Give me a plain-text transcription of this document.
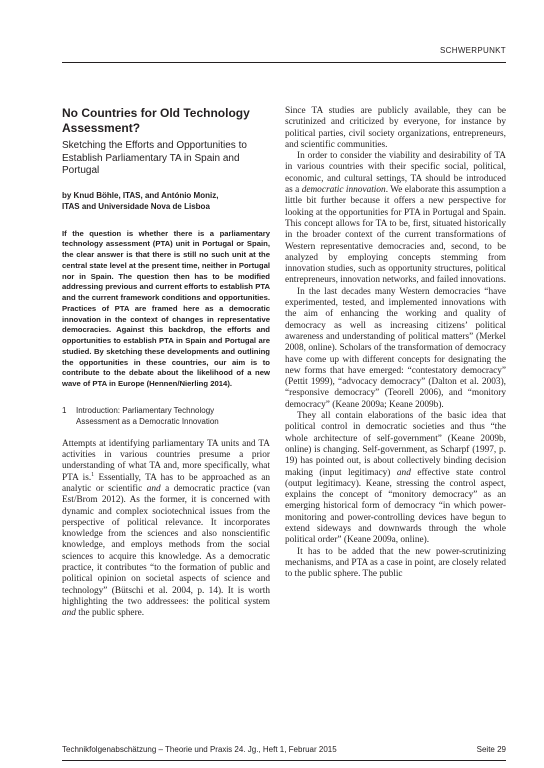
SCHWERPUNKT
No Countries for Old Technology Assessment?

Sketching the Efforts and Opportunities to Establish Parliamentary TA in Spain and Portugal

by Knud Böhle, ITAS, and António Moniz,
ITAS and Universidade Nova de Lisboa

If the question is whether there is a parliamentary technology assessment (PTA) unit in Portugal or Spain, the clear answer is that there is still no such unit at the central state level at the present time, neither in Portugal nor in Spain. The question then has to be modified addressing previous and current efforts to establish PTA and the current framework conditions and opportunities. Practices of PTA are framed here as a democratic innovation in the context of changes in representative democracies. Against this backdrop, the efforts and opportunities to establish PTA in Spain and Portugal are studied. By sketching these developments and outlining the opportunities in these countries, our aim is to contribute to the debate about the likelihood of a new wave of PTA in Europe (Hennen/Nierling 2014).

1	Introduction: Parliamentary Technology
Assessment as a Democratic Innovation

Attempts at identifying parliamentary TA units and TA activities in various countries presume a prior understanding of what TA and, more specifically, what PTA is.$^1$ Essentially, TA has to be approached as an analytic or scientific and a democratic practice (van Est/Brom 2012). As the former, it is concerned with dynamic and complex sociotechnical issues from the perspective of political relevance. It incorporates knowledge from the sciences and also nonscientific knowledge, and employs methods from the social sciences to acquire this knowledge. As a democratic practice, it contributes “to the formation of public and political opinion on societal aspects of science and technology” (Bütschi et al. 2004, p. 14). It is worth highlighting the two addressees: the political system and the public sphere.

Since TA studies are publicly available, they can be scrutinized and criticized by everyone, for instance by political parties, civil society organizations, entrepreneurs, and scientific communities.

In order to consider the viability and desirability of TA in various countries with their specific social, political, economic, and cultural settings, TA should be introduced as a democratic innovation. We elaborate this assumption a little bit further because it offers a new perspective for looking at the opportunities for PTA in Portugal and Spain. This concept allows for TA to be, first, situated historically in the broader context of the current transformations of Western representative democracies and, second, to be analyzed by employing concepts stemming from innovation studies, such as opportunity structures, political entrepreneurs, innovation networks, and failed innovations.

In the last decades many Western democracies “have experimented, tested, and implemented innovations with the aim of enhancing the working and quality of democracy as well as increasing citizens’ political awareness and understanding of political matters” (Merkel 2008, online). Scholars of the transformation of democracy have come up with different concepts for designating the new forms that have emerged: “contestatory democracy” (Pettit 1999), “advocacy democracy” (Dalton et al. 2003), “responsive democracy” (Teorell 2006), and “monitory democracy” (Keane 2009a; Keane 2009b).

They all contain elaborations of the basic idea that political control in democratic societies and thus “the whole architecture of self-government” (Keane 2009b, online) is changing. Self-government, as Scharpf (1997, p. 19) has pointed out, is about collectively binding decision making (input legitimacy) and effective state control (output legitimacy). Keane, stressing the control aspect, explains the concept of “monitory democracy” as an emerging historical form of democracy “in which power-monitoring and power-controlling devices have begun to extend sideways and downwards through the whole political order” (Keane 2009a, online).

It has to be added that the new power-scrutinizing mechanisms, and PTA as a case in point, are closely related to the public sphere. The public

Technikfolgenabschätzung – Theorie und Praxis 24. Jg., Heft 1, Februar 2015	Seite 29
